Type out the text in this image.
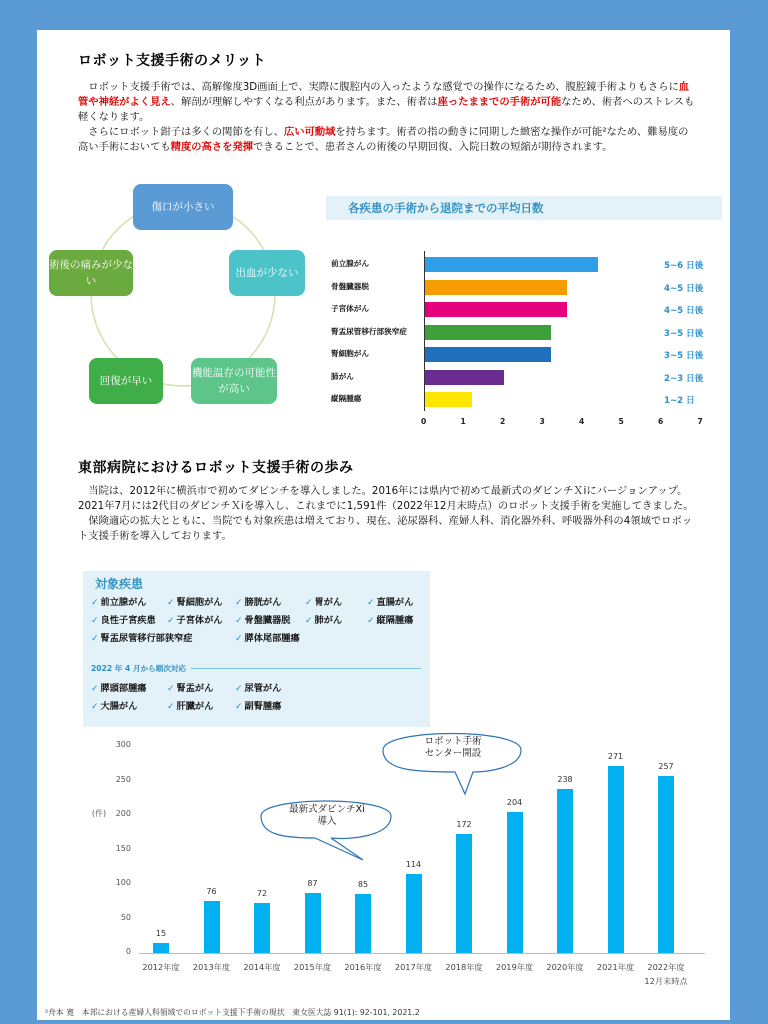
ロボット支援手術のメリット

ロボット支援手術では、高解像度3D画面上で、実際に腹腔内の入ったような感覚での操作になるため、腹腔鏡手術よりもさらに血管や神経がよく見え、解剖が理解しやすくなる利点があります。また、術者は座ったままでの手術が可能なため、術者へのストレスも軽くなります。

さらにロボット鉗子は多くの関節を有し、広い可動域を持ちます。術者の指の動きに同期した緻密な操作が可能²なため、難易度の高い手術においても精度の高さを発揮できることで、患者さんの術後の早期回復、入院日数の短縮が期待されます。

傷口が小さい
出血が少ない
機能温存の可能性が高い
回復が早い
術後の痛みが少ない
各疾患の手術から退院までの平均日数
前立腺がん	5~6 日後
骨盤臓器脱	4~5 日後
子宮体がん	4~5 日後
腎盂尿管移行部狭窄症	3~5 日後
腎細胞がん	3~5 日後
肺がん	2~3 日後
縦隔腫瘍	1~2 日
0	1	2	3	4	5	6	7
東部病院におけるロボット支援手術の歩み

当院は、2012年に横浜市で初めてダビンチを導入しました。2016年には県内で初めて最新式のダビンチＸiにバージョンアップ。2021年7月には2代目のダビンチＸiを導入し、これまでに1,591件（2022年12月末時点）のロボット支援手術を実施してきました。

保険適応の拡大とともに、当院でも対象疾患は増えており、現在、泌尿器科、産婦人科、消化器外科、呼吸器外科の4領域でロボット支援手術を導入しております。

対象疾患
✓ 前立腺がん ✓ 腎細胞がん ✓ 膀胱がん	✓ 胃がん	✓ 直腸がん
✓ 良性子宮疾患 ✓ 子宮体がん ✓ 骨盤臓器脱 ✓ 肺がん	✓ 縦隔腫瘍
✓ 腎盂尿管移行部狭窄症	✓ 膵体尾部腫瘍
✓ 膵頭部腫瘍 ✓ 腎盂がん ✓ 尿管がん
✓ 大腸がん	✓ 肝臓がん ✓ 副腎腫瘍
2022 年 4 月から順次対応
0
50
100
150
200
250
300
15
2012年度
76
2013年度
72
2014年度
87
2015年度
85
2016年度
114
2017年度
172
2018年度
204
2019年度
238
2020年度
271
2021年度
257
2022年度
12月末時点
(件)	最新式ダビンチXi
導入
ロボット手術
センター開設
²舟本 寛　本邦における産婦人科領域でのロボット支援下手術の現状　東女医大誌 91(1): 92-101, 2021.2
